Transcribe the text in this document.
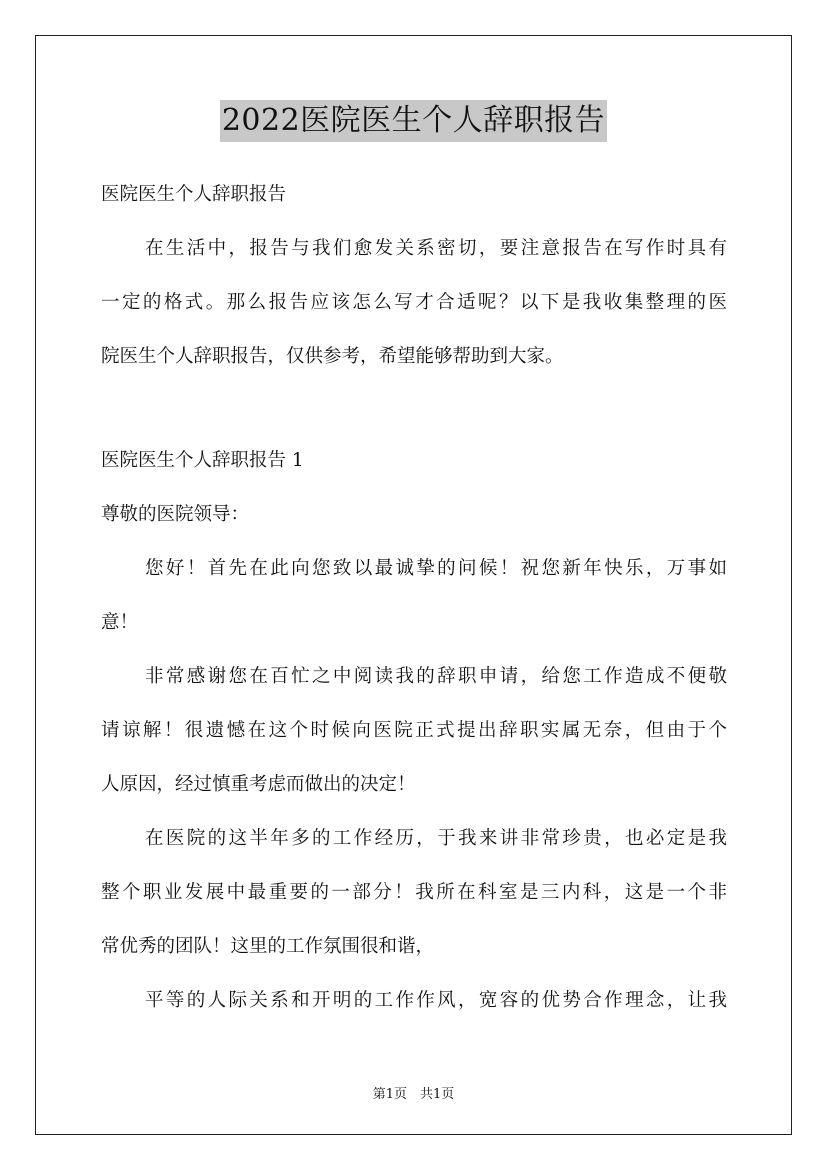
2022医院医生个人辞职报告
医院医生个人辞职报告
在生活中，报告与我们愈发关系密切，要注意报告在写作时具有
一定的格式。那么报告应该怎么写才合适呢？以下是我收集整理的医
院医生个人辞职报告，仅供参考，希望能够帮助到大家。
医院医生个人辞职报告 1
尊敬的医院领导：
您好！首先在此向您致以最诚挚的问候！祝您新年快乐，万事如
意！
非常感谢您在百忙之中阅读我的辞职申请，给您工作造成不便敬
请谅解！很遗憾在这个时候向医院正式提出辞职实属无奈，但由于个
人原因，经过慎重考虑而做出的决定！
在医院的这半年多的工作经历，于我来讲非常珍贵，也必定是我
整个职业发展中最重要的一部分！我所在科室是三内科，这是一个非
常优秀的团队！这里的工作氛围很和谐，
平等的人际关系和开明的工作作风，宽容的优势合作理念，让我
第1页　共1页
